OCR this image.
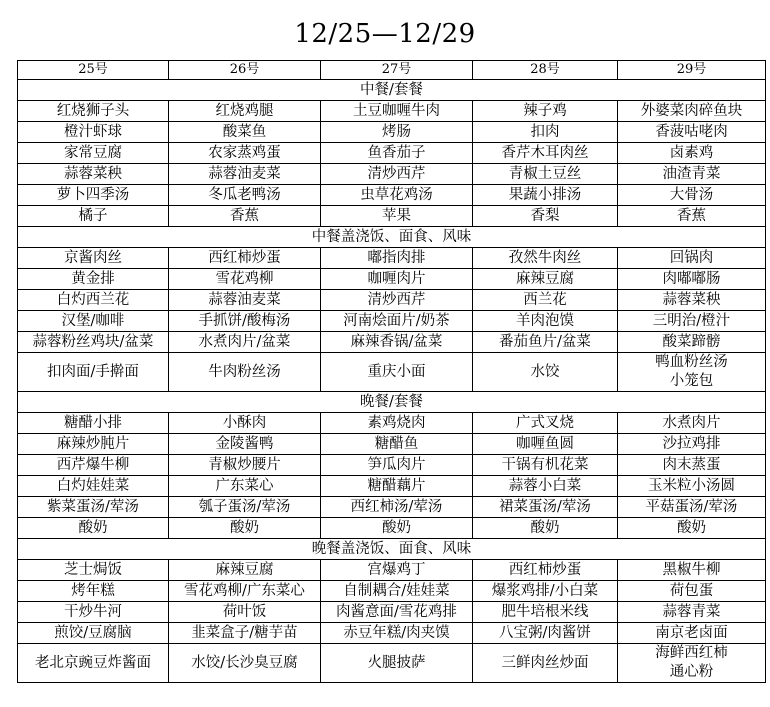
12/25—12/29
25号	26号	27号	28号	29号
中餐/套餐				
红烧狮子头	红烧鸡腿	土豆咖喱牛肉	辣子鸡	外婆菜肉碎鱼块
橙汁虾球	酸菜鱼	烤肠	扣肉	香菠咕咾肉
家常豆腐	农家蒸鸡蛋	鱼香茄子	香芹木耳肉丝	卤素鸡
蒜蓉菜秧	蒜蓉油麦菜	清炒西芹	青椒土豆丝	油渣青菜
萝卜四季汤	冬瓜老鸭汤	虫草花鸡汤	果蔬小排汤	大骨汤
橘子	香蕉	苹果	香梨	香蕉
中餐盖浇饭、面食、风味				
京酱肉丝	西红柿炒蛋	嘟指肉排	孜然牛肉丝	回锅肉
黄金排	雪花鸡柳	咖喱肉片	麻辣豆腐	肉嘟嘟肠
白灼西兰花	蒜蓉油麦菜	清炒西芹	西兰花	蒜蓉菜秧
汉堡/咖啡	手抓饼/酸梅汤	河南烩面片/奶茶	羊肉泡馍	三明治/橙汁
蒜蓉粉丝鸡块/盆菜	水煮肉片/盆菜	麻辣香锅/盆菜	番茄鱼片/盆菜	酸菜蹄髈
扣肉面/手擀面	牛肉粉丝汤	重庆小面	水饺	鸭血粉丝汤
小笼包

晚餐/套餐				
糖醋小排	小酥肉	素鸡烧肉	广式叉烧	水煮肉片
麻辣炒肫片	金陵酱鸭	糖醋鱼	咖喱鱼圆	沙拉鸡排
西芹爆牛柳	青椒炒腰片	笋瓜肉片	干锅有机花菜	肉末蒸蛋
白灼娃娃菜	广东菜心	糖醋藕片	蒜蓉小白菜	玉米粒小汤圆
紫菜蛋汤/荤汤	瓠子蛋汤/荤汤	西红柿汤/荤汤	裙菜蛋汤/荤汤	平菇蛋汤/荤汤
酸奶	酸奶	酸奶	酸奶	酸奶
晚餐盖浇饭、面食、风味				
芝士焗饭	麻辣豆腐	宫爆鸡丁	西红柿炒蛋	黑椒牛柳
烤年糕	雪花鸡柳/广东菜心	自制耦合/娃娃菜	爆浆鸡排/小白菜	荷包蛋
干炒牛河	荷叶饭	肉酱意面/雪花鸡排	肥牛培根米线	蒜蓉青菜
煎饺/豆腐脑	韭菜盒子/糖芋苗	赤豆年糕/肉夹馍	八宝粥/肉酱饼	南京老卤面
老北京豌豆炸酱面	水饺/长沙臭豆腐	火腿披萨	三鲜肉丝炒面	海鲜西红柿
通心粉
